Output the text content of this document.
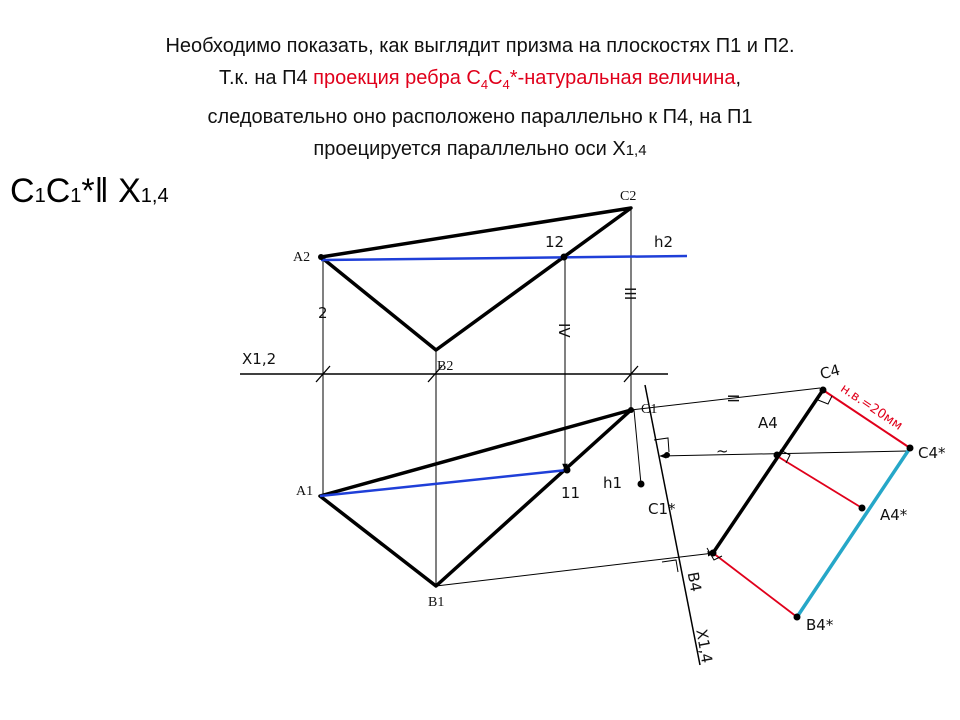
Необходимо показать, как выглядит призма на плоскостях П1 и П2.
Т.к. на П4 проекция ребра $С_4С_4*$-натуральная величина,
следовательно оно расположено параллельно к П4, на П1
проецируется параллельно оси Х1,4
C1C1*ǁ X1,4
A2
C2
B2
12	h2
X1,2
2
III
IV
A1
B1
C1
11
h1
C1*
C4
A4
B4
C4*
A4*
B4*
X1,4
н.в.=20мм
~
II
